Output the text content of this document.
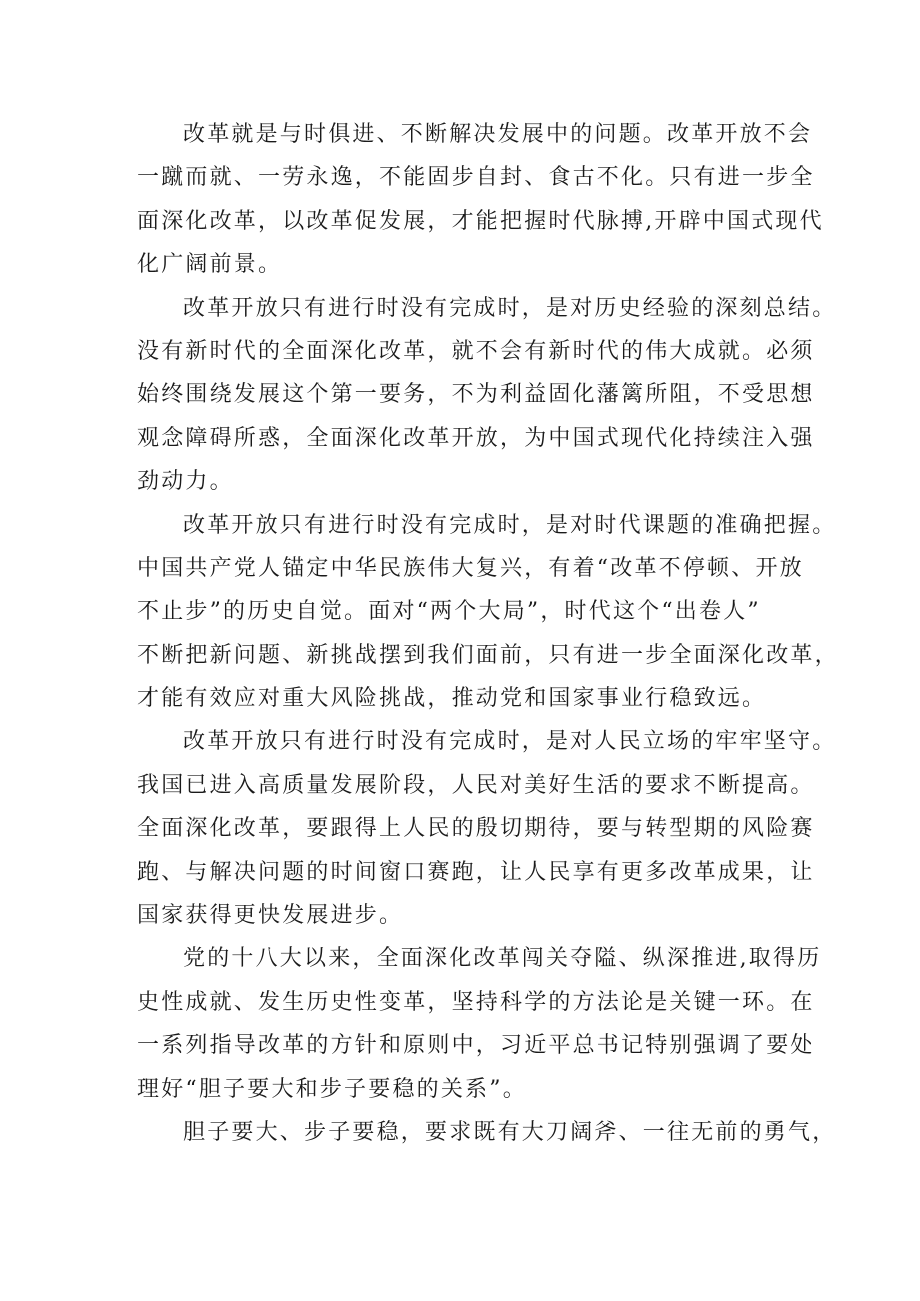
改革就是与时俱进、不断解决发展中的问题。改革开放不会
一蹴而就、一劳永逸，不能固步自封、食古不化。只有进一步全
面深化改革，以改革促发展，才能把握时代脉搏,开辟中国式现代
化广阔前景。
改革开放只有进行时没有完成时，是对历史经验的深刻总结。
没有新时代的全面深化改革，就不会有新时代的伟大成就。必须
始终围绕发展这个第一要务，不为利益固化藩篱所阻，不受思想
观念障碍所惑，全面深化改革开放，为中国式现代化持续注入强
劲动力。
改革开放只有进行时没有完成时，是对时代课题的准确把握。
中国共产党人锚定中华民族伟大复兴，有着“改革不停顿、开放
不止步”的历史自觉。面对“两个大局”，时代这个“出卷人”
不断把新问题、新挑战摆到我们面前，只有进一步全面深化改革，
才能有效应对重大风险挑战，推动党和国家事业行稳致远。
改革开放只有进行时没有完成时，是对人民立场的牢牢坚守。
我国已进入高质量发展阶段，人民对美好生活的要求不断提高。
全面深化改革，要跟得上人民的殷切期待，要与转型期的风险赛
跑、与解决问题的时间窗口赛跑，让人民享有更多改革成果，让
国家获得更快发展进步。
党的十八大以来，全面深化改革闯关夺隘、纵深推进,取得历
史性成就、发生历史性变革，坚持科学的方法论是关键一环。在
一系列指导改革的方针和原则中，习近平总书记特别强调了要处
理好“胆子要大和步子要稳的关系”。
胆子要大、步子要稳，要求既有大刀阔斧、一往无前的勇气，
